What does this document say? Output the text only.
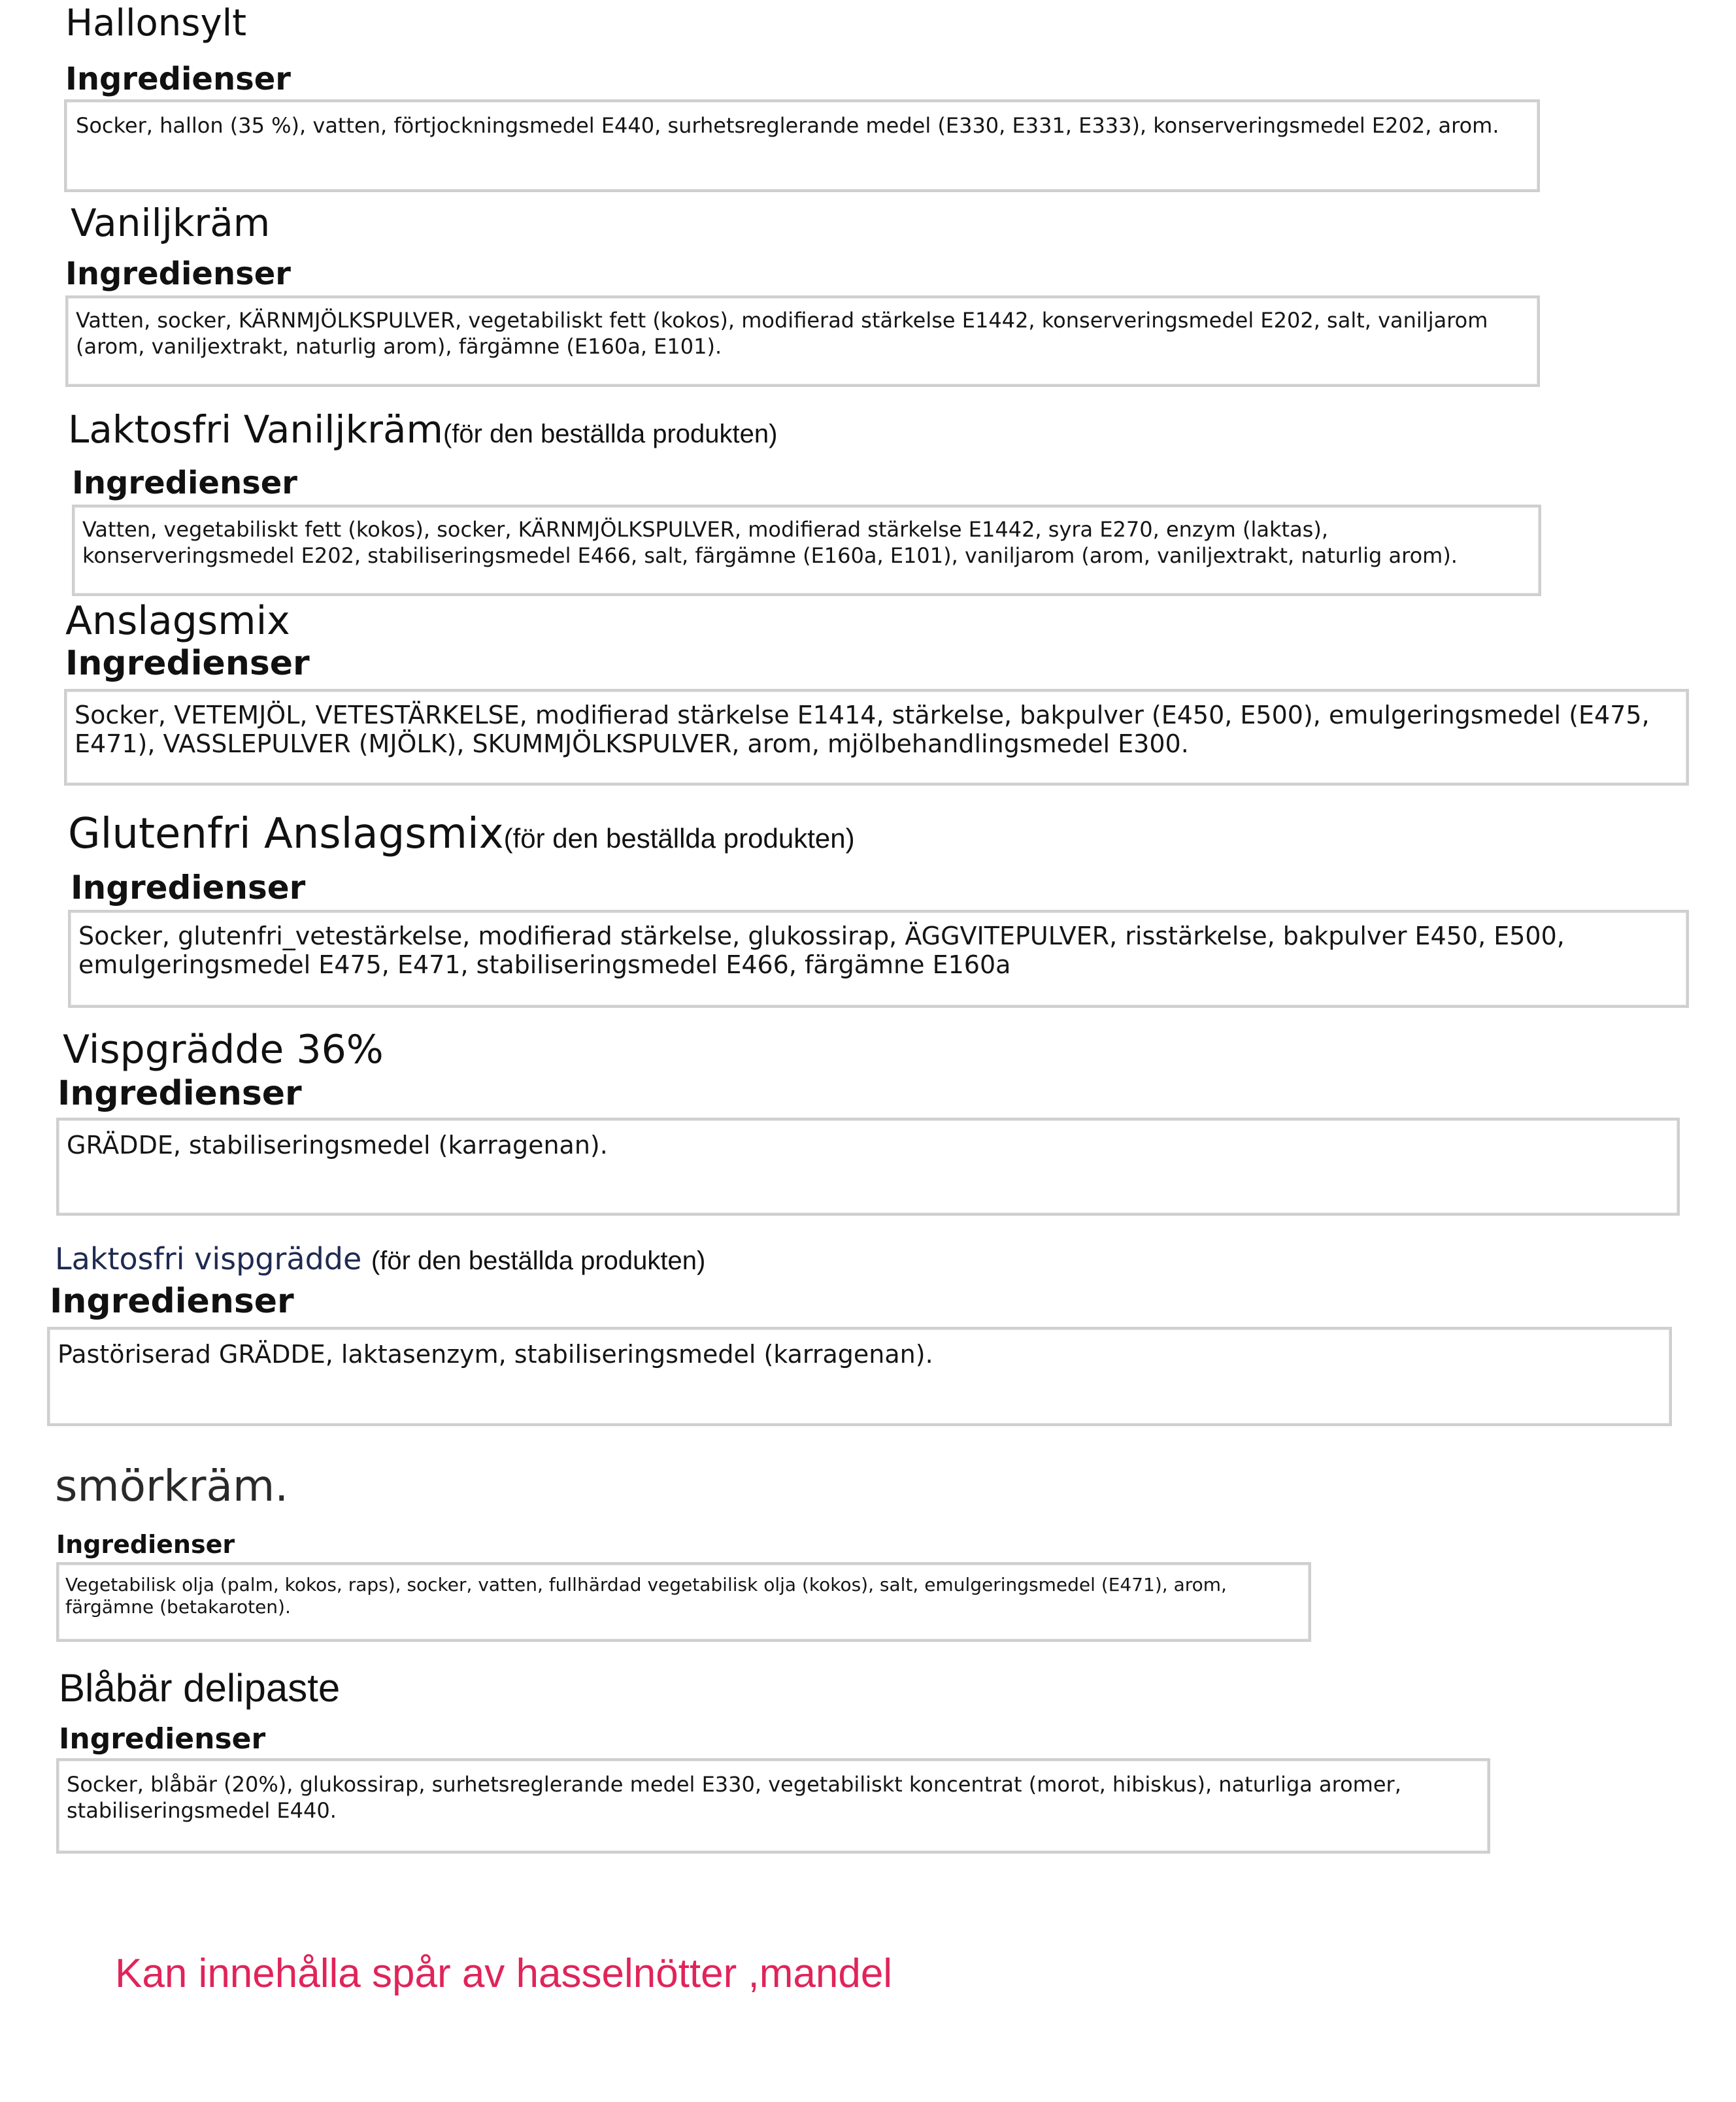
Hallonsylt
Ingredienser
Socker, hallon (35 %), vatten, förtjockningsmedel E440, surhetsreglerande medel (E330, E331, E333), konserveringsmedel E202, arom.
Vaniljkräm
Ingredienser
Vatten, socker, KÄRNMJÖLKSPULVER, vegetabiliskt fett (kokos), modifierad stärkelse E1442, konserveringsmedel E202, salt, vaniljarom (arom, vaniljextrakt, naturlig arom), färgämne (E160a, E101).
Laktosfri Vaniljkräm(för den beställda produkten)
Ingredienser
Vatten, vegetabiliskt fett (kokos), socker, KÄRNMJÖLKSPULVER, modifierad stärkelse E1442, syra E270, enzym (laktas), konserveringsmedel E202, stabiliseringsmedel E466, salt, färgämne (E160a, E101), vaniljarom (arom, vaniljextrakt, naturlig arom).
Anslagsmix
Ingredienser
Socker, VETEMJÖL, VETESTÄRKELSE, modifierad stärkelse E1414, stärkelse, bakpulver (E450, E500), emulgeringsmedel (E475, E471), VASSLEPULVER (MJÖLK), SKUMMJÖLKSPULVER, arom, mjölbehandlingsmedel E300.
Glutenfri Anslagsmix(för den beställda produkten)
Ingredienser
Socker, glutenfri_vetestärkelse, modifierad stärkelse, glukossirap, ÄGGVITEPULVER, risstärkelse, bakpulver E450, E500, emulgeringsmedel E475, E471, stabiliseringsmedel E466, färgämne E160a
Vispgrädde 36%
Ingredienser
GRÄDDE, stabiliseringsmedel (karragenan).
Laktosfri vispgrädde (för den beställda produkten)
Ingredienser
Pastöriserad GRÄDDE, laktasenzym, stabiliseringsmedel (karragenan).
smörkräm.
Ingredienser
Vegetabilisk olja (palm, kokos, raps), socker, vatten, fullhärdad vegetabilisk olja (kokos), salt, emulgeringsmedel (E471), arom, färgämne (betakaroten).
Blåbär delipaste
Ingredienser
Socker, blåbär (20%), glukossirap, surhetsreglerande medel E330, vegetabiliskt koncentrat (morot, hibiskus), naturliga aromer, stabiliseringsmedel E440.

Kan innehålla spår av hasselnötter ,mandel
